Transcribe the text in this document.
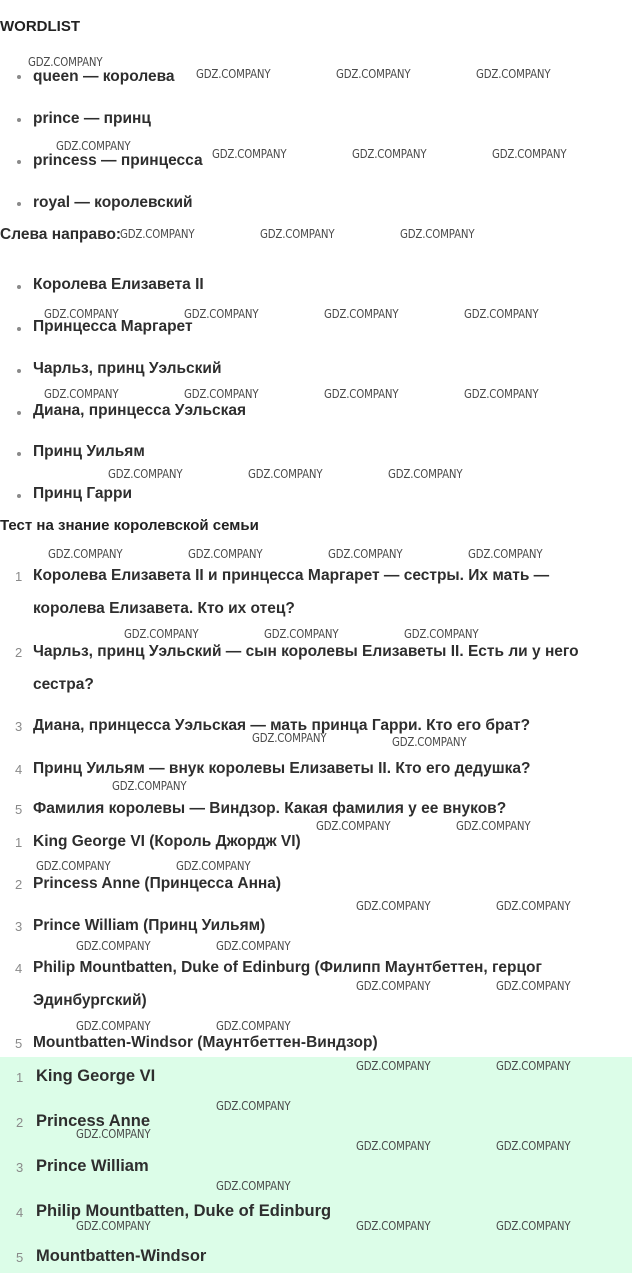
WORDLIST
queen — королева
prince — принц
princess — принцесса
royal — королевский
Слева направо:
Королева Елизавета II
Принцесса Маргарет
Чарльз, принц Уэльский
Диана, принцесса Уэльская
Принц Уильям
Принц Гарри
Тест на знание королевской семьи
1 Королева Елизавета II и принцесса Маргарет — сестры. Их мать —
королева Елизавета. Кто их отец?
2 Чарльз, принц Уэльский — сын королевы Елизаветы II. Есть ли у него
сестра?
3 Диана, принцесса Уэльская — мать принца Гарри. Кто его брат?
4 Принц Уильям — внук королевы Елизаветы II. Кто его дедушка?
5 Фамилия королевы — Виндзор. Какая фамилия у ее внуков?
1 King George VI (Король Джордж VI)
2 Princess Anne (Принцесса Анна)
3 Prince William (Принц Уильям)
4 Philip Mountbatten, Duke of Edinburg (Филипп Маунтбеттен, герцог
Эдинбургский)
5 Mountbatten-Windsor (Маунтбеттен-Виндзор)
1 King George VI
2 Princess Anne
3 Prince William
4 Philip Mountbatten, Duke of Edinburg
5 Mountbatten-Windsor
GDZ.COMPANY
GDZ.COMPANY	GDZ.COMPANY	GDZ.COMPANY
GDZ.COMPANY
GDZ.COMPANY	GDZ.COMPANY	GDZ.COMPANY
GDZ.COMPANY	GDZ.COMPANY	GDZ.COMPANY
GDZ.COMPANY	GDZ.COMPANY	GDZ.COMPANY	GDZ.COMPANY
GDZ.COMPANY	GDZ.COMPANY	GDZ.COMPANY	GDZ.COMPANY
GDZ.COMPANY	GDZ.COMPANY	GDZ.COMPANY
GDZ.COMPANY	GDZ.COMPANY	GDZ.COMPANY	GDZ.COMPANY
GDZ.COMPANY	GDZ.COMPANY	GDZ.COMPANY
GDZ.COMPANY	GDZ.COMPANY
GDZ.COMPANY
GDZ.COMPANY	GDZ.COMPANY
GDZ.COMPANY	GDZ.COMPANY
GDZ.COMPANY	GDZ.COMPANY
GDZ.COMPANY	GDZ.COMPANY
GDZ.COMPANY	GDZ.COMPANY
GDZ.COMPANY	GDZ.COMPANY
GDZ.COMPANY	GDZ.COMPANY
GDZ.COMPANY
GDZ.COMPANY
GDZ.COMPANY	GDZ.COMPANY
GDZ.COMPANY
GDZ.COMPANY	GDZ.COMPANY	GDZ.COMPANY
